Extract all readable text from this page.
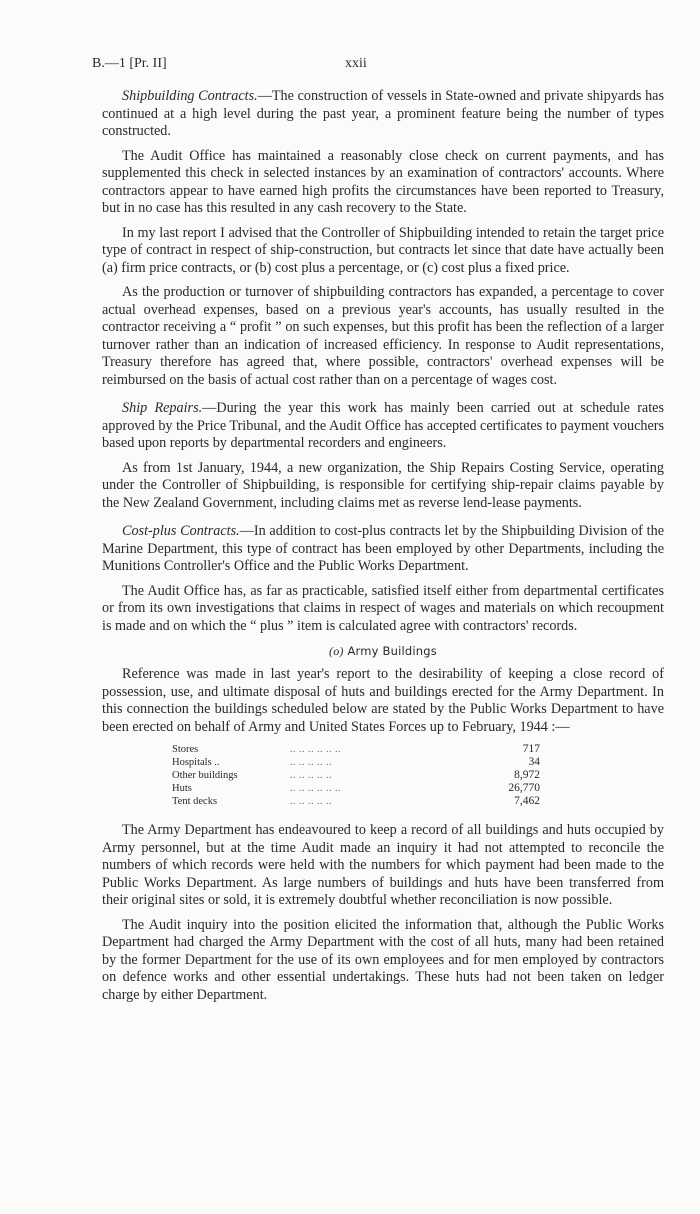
B.—1 [Pr. II]	xxii

Shipbuilding Contracts.—The construction of vessels in State-owned and private shipyards has continued at a high level during the past year, a prominent feature being the number of types constructed.

The Audit Office has maintained a reasonably close check on current payments, and has supplemented this check in selected instances by an examination of contractors' accounts. Where contractors appear to have earned high profits the circumstances have been reported to Treasury, but in no case has this resulted in any cash recovery to the State.

In my last report I advised that the Controller of Shipbuilding intended to retain the target price type of contract in respect of ship-construction, but contracts let since that date have actually been (a) firm price contracts, or (b) cost plus a percentage, or (c) cost plus a fixed price.

As the production or turnover of shipbuilding contractors has expanded, a percentage to cover actual overhead expenses, based on a previous year's accounts, has usually resulted in the contractor receiving a “ profit ” on such expenses, but this profit has been the reflection of a larger turnover rather than an indication of increased efficiency. In response to Audit representations, Treasury therefore has agreed that, where possible, contractors' overhead expenses will be reimbursed on the basis of actual cost rather than on a percentage of wages cost.

Ship Repairs.—During the year this work has mainly been carried out at schedule rates approved by the Price Tribunal, and the Audit Office has accepted certificates to payment vouchers based upon reports by departmental recorders and engineers.

As from 1st January, 1944, a new organization, the Ship Repairs Costing Service, operating under the Controller of Shipbuilding, is responsible for certifying ship-repair claims payable by the New Zealand Government, including claims met as reverse lend-lease payments.

Cost-plus Contracts.—In addition to cost-plus contracts let by the Shipbuilding Division of the Marine Department, this type of contract has been employed by other Departments, including the Munitions Controller's Office and the Public Works Department.

The Audit Office has, as far as practicable, satisfied itself either from departmental certificates or from its own investigations that claims in respect of wages and materials on which recoupment is made and on which the “ plus ” item is calculated agree with contractors' records.

(o) Army Buildings

Reference was made in last year's report to the desirability of keeping a close record of possession, use, and ultimate disposal of huts and buildings erected for the Army Department. In this connection the buildings scheduled below are stated by the Public Works Department to have been erected on behalf of Army and United States Forces up to February, 1944 :—

Stores	.. .. .. .. .. ..	717
Hospitals ..	.. .. .. .. ..	34
Other buildings	.. .. .. .. ..	8,972
Huts	.. .. .. .. .. ..	26,770
Tent decks	.. .. .. .. ..	7,462

The Army Department has endeavoured to keep a record of all buildings and huts occupied by Army personnel, but at the time Audit made an inquiry it had not attempted to reconcile the numbers of which records were held with the numbers for which payment had been made to the Public Works Department. As large numbers of buildings and huts have been transferred from their original sites or sold, it is extremely doubtful whether reconciliation is now possible.

The Audit inquiry into the position elicited the information that, although the Public Works Department had charged the Army Department with the cost of all huts, many had been retained by the former Department for the use of its own employees and for men employed by contractors on defence works and other essential undertakings. These huts had not been taken on ledger charge by either Department.
